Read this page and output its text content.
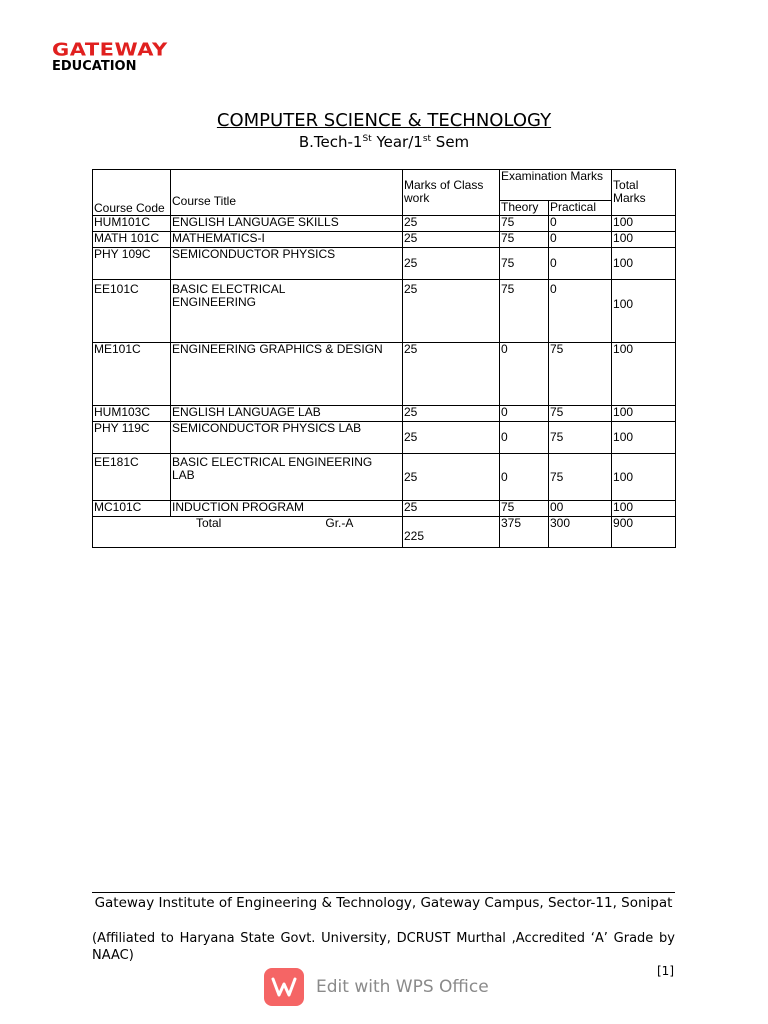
GATEWAY
EDUCATION
COMPUTER SCIENCE & TECHNOLOGY
B.Tech-1St Year/1st Sem
Course Code	Course Title	Marks of Class work	Examination Marks		Total Marks
			Theory	Practical	
HUM101C	ENGLISH LANGUAGE SKILLS	25	75	0	100
MATH 101C	MATHEMATICS-I	25	75	0	100
PHY 109C	SEMICONDUCTOR PHYSICS	25	75	0	100
EE101C	BASIC ELECTRICAL ENGINEERING	25	75	0	100
ME101C	ENGINEERING GRAPHICS & DESIGN	25	0	75	100
HUM103C	ENGLISH LANGUAGE LAB	25	0	75	100
PHY 119C	SEMICONDUCTOR PHYSICS LAB	25	0	75	100
EE181C	BASIC ELECTRICAL ENGINEERING LAB	25	0	75	100
MC101C	INDUCTION PROGRAM	25	75	00	100
Total Gr.-A		225	375	300	900
Gateway Institute of Engineering & Technology, Gateway Campus, Sector-11, Sonipat
(Affiliated to Haryana State Govt. University, DCRUST Murthal ,Accredited ‘A’ Grade by NAAC)
[1]
Edit with WPS Office
